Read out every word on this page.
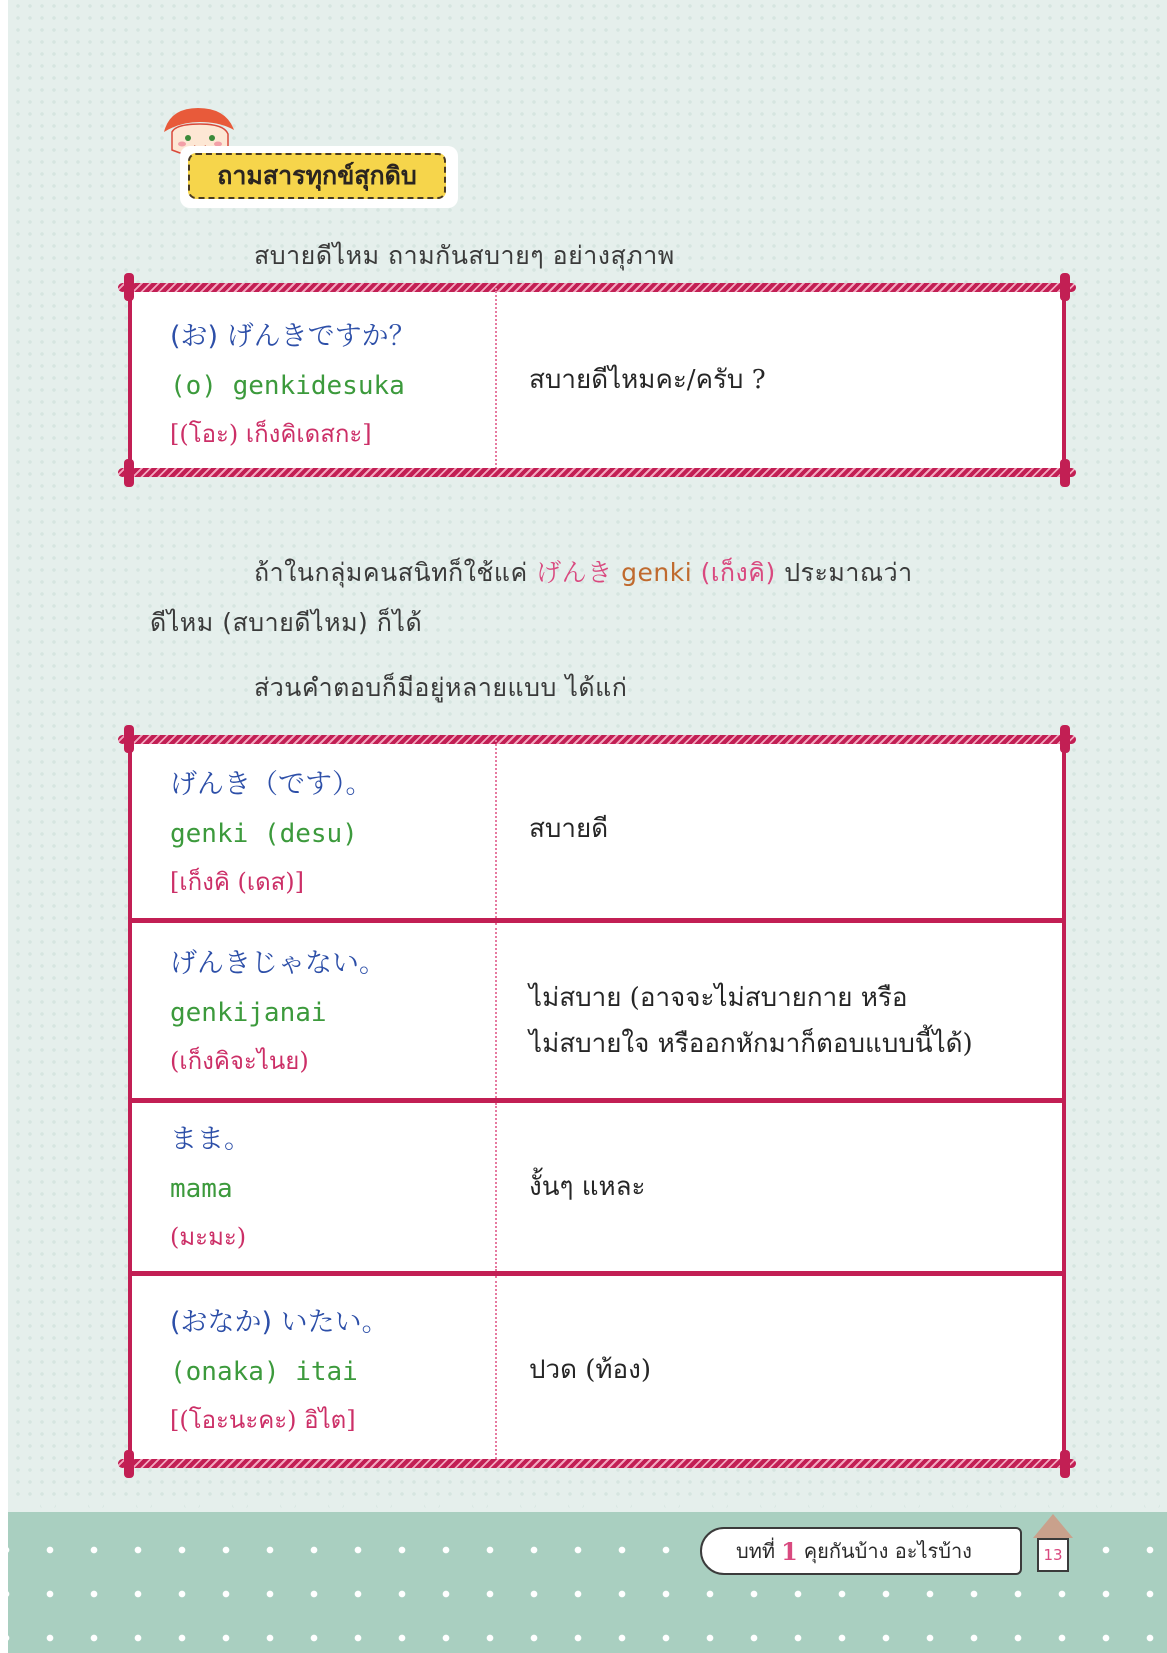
ถามสารทุกข์สุกดิบ
สบายดีไหม ถามกันสบายๆ อย่างสุภาพ
(お) げんきですか？
(o) genkidesuka
[(โอะ) เก็งคิเดสกะ]
สบายดีไหมคะ/ครับ ?
ถ้าในกลุ่มคนสนิทก็ใช้แค่ げんき genki (เก็งคิ) ประมาณว่า
ดีไหม (สบายดีไหม) ก็ได้
ส่วนคำตอบก็มีอยู่หลายแบบ ได้แก่
げんき（です）。
genki (desu)
[เก็งคิ (เดส)]
สบายดี
げんきじゃない。
genkijanai
(เก็งคิจะไนย)
ไม่สบาย (อาจจะไม่สบายกาย หรือ
ไม่สบายใจ หรืออกหักมาก็ตอบแบบนี้ได้)
まま。
mama
(มะมะ)
งั้นๆ แหละ
(おなか) いたい。
(onaka) itai
[(โอะนะคะ) อิไต]
ปวด (ท้อง)
บทที่ 1 คุยกันบ้าง อะไรบ้าง	13
